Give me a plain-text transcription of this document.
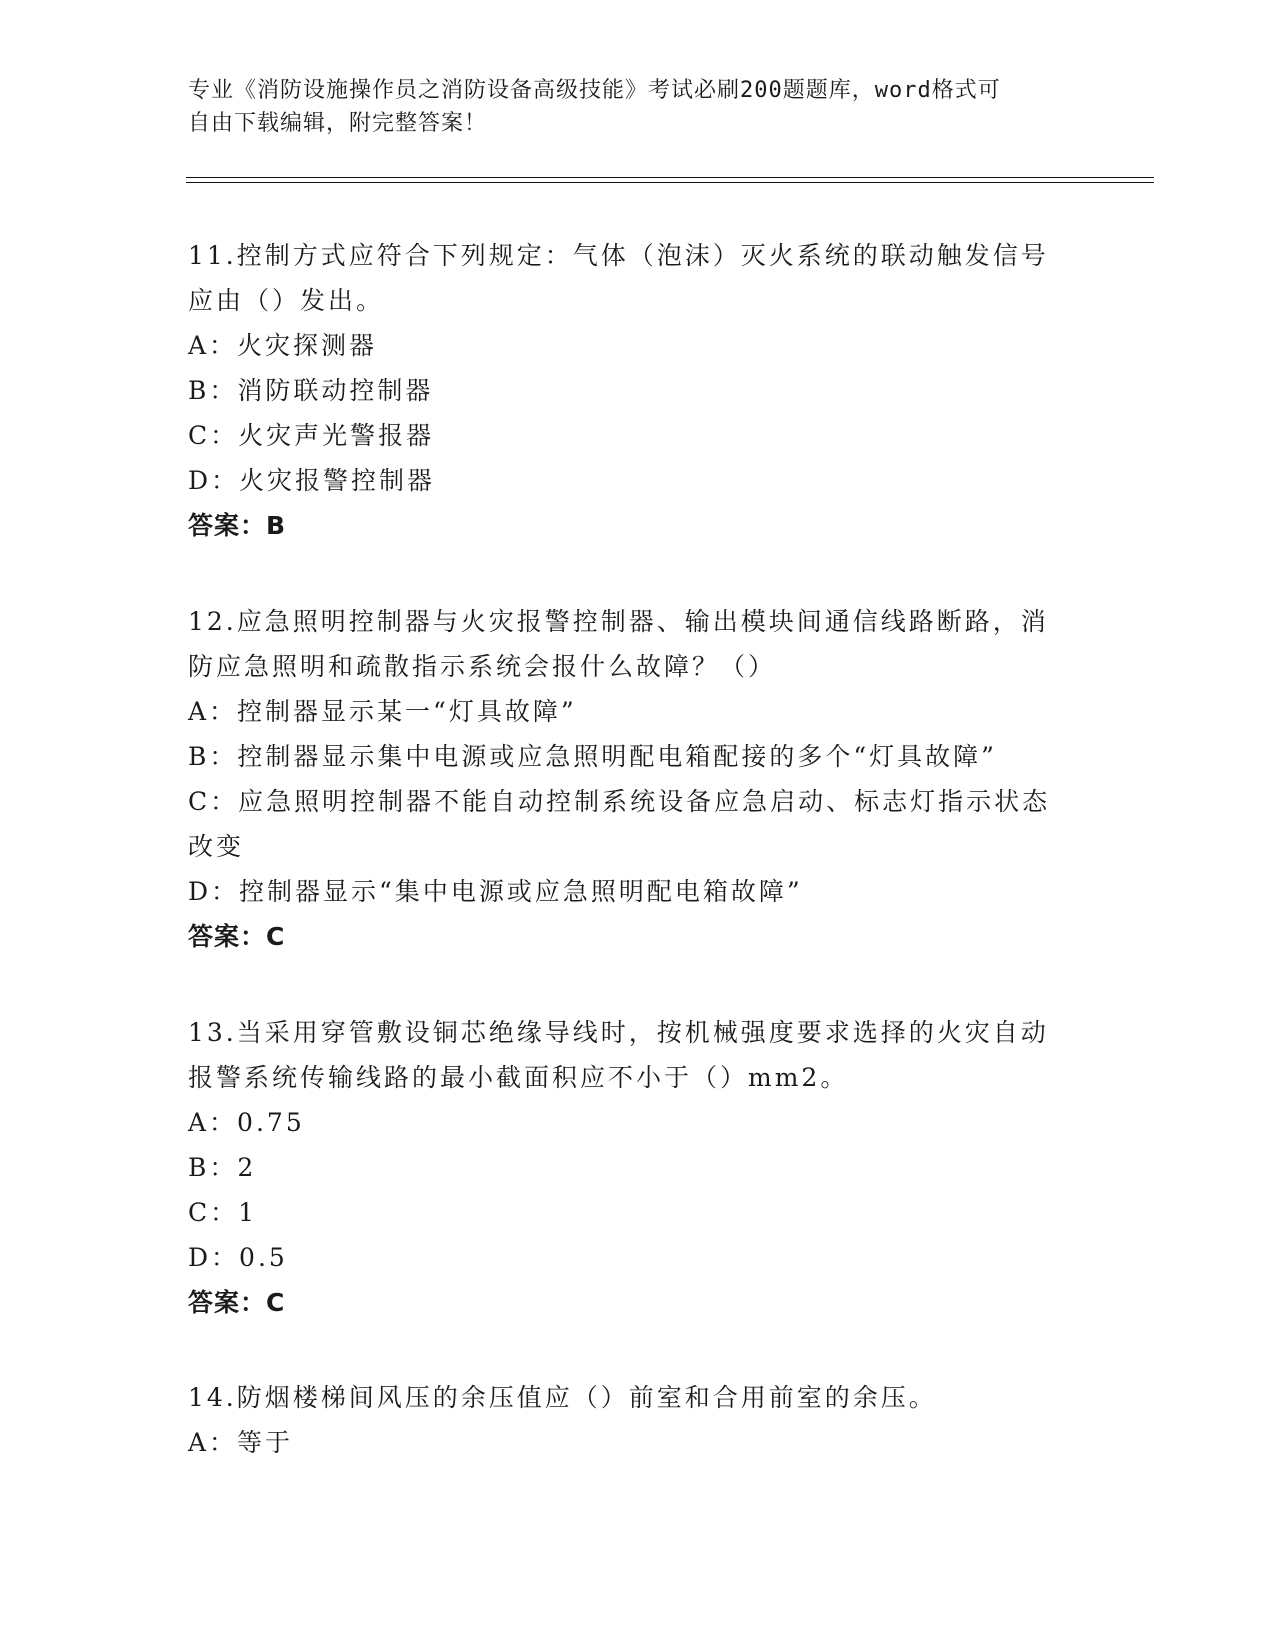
专业《消防设施操作员之消防设备高级技能》考试必刷200题题库，word格式可
自由下载编辑，附完整答案！
11.控制方式应符合下列规定：气体（泡沫）灭火系统的联动触发信号
应由（）发出。
A：火灾探测器
B：消防联动控制器
C：火灾声光警报器
D：火灾报警控制器
答案：B
12.应急照明控制器与火灾报警控制器、输出模块间通信线路断路，消
防应急照明和疏散指示系统会报什么故障？（）
A：控制器显示某一“灯具故障”
B：控制器显示集中电源或应急照明配电箱配接的多个“灯具故障”
C：应急照明控制器不能自动控制系统设备应急启动、标志灯指示状态
改变
D：控制器显示“集中电源或应急照明配电箱故障”
答案：C
13.当采用穿管敷设铜芯绝缘导线时，按机械强度要求选择的火灾自动
报警系统传输线路的最小截面积应不小于（）mm2。
A：0.75
B：2
C：1
D：0.5
答案：C
14.防烟楼梯间风压的余压值应（）前室和合用前室的余压。
A：等于
